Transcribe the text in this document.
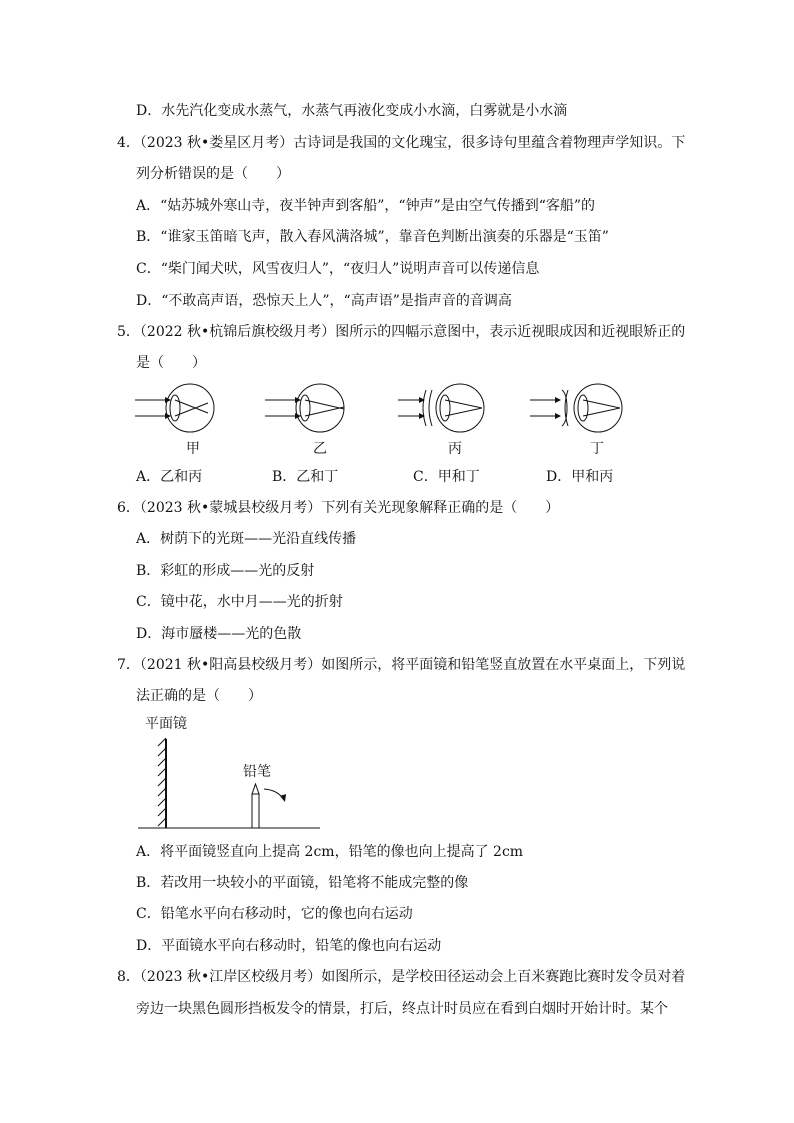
D．水先汽化变成水蒸气，水蒸气再液化变成小水滴，白雾就是小水滴
4．（2023 秋•娄星区月考）古诗词是我国的文化瑰宝，很多诗句里蕴含着物理声学知识。下
列分析错误的是（　　）
A．“姑苏城外寒山寺，夜半钟声到客船”，“钟声”是由空气传播到“客船”的
B．“谁家玉笛暗飞声，散入春风满洛城”，靠音色判断出演奏的乐器是“玉笛”
C．“柴门闻犬吠，风雪夜归人”，“夜归人”说明声音可以传递信息
D．“不敢高声语，恐惊天上人”，“高声语”是指声音的音调高
5．（2022 秋•杭锦后旗校级月考）图所示的四幅示意图中，表示近视眼成因和近视眼矫正的
是（　　）
甲	乙	丙	丁
A．乙和丙	B．乙和丁	C．甲和丁	D．甲和丙
6．（2023 秋•蒙城县校级月考）下列有关光现象解释正确的是（　　）
A．树荫下的光斑——光沿直线传播
B．彩虹的形成——光的反射
C．镜中花，水中月——光的折射
D．海市蜃楼——光的色散
7．（2021 秋•阳高县校级月考）如图所示，将平面镜和铅笔竖直放置在水平桌面上，下列说
法正确的是（　　）
平面镜
铅笔
A．将平面镜竖直向上提高 2cm，铅笔的像也向上提高了 2cm
B．若改用一块较小的平面镜，铅笔将不能成完整的像
C．铅笔水平向右移动时，它的像也向右运动
D．平面镜水平向右移动时，铅笔的像也向右运动
8．（2023 秋•江岸区校级月考）如图所示，是学校田径运动会上百米赛跑比赛时发令员对着
旁边一块黑色圆形挡板发令的情景，打后，终点计时员应在看到白烟时开始计时。某个
